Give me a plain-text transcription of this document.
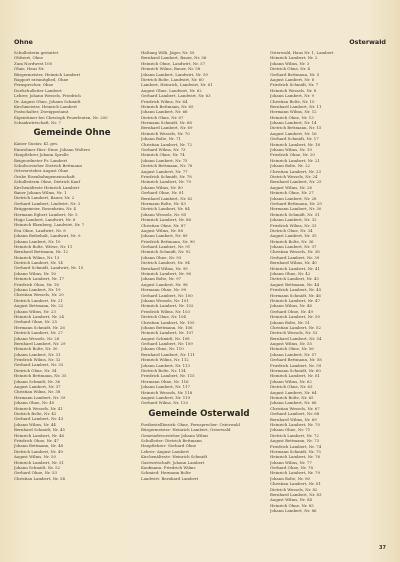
Ohne	Osterwald
Schulleiterin gestattet
Ohlwert, Ohne
Zum Nordwest 100
Ohne, Haus Nr.
Bürgermeister, Heinrich Lambert
Rapport ratsmitglied, Ohne
Fernsprecher, Ohne
Dorfschulleiter Lambert
Lehrer, Johann Wessels, Friedrich
Dr. August Ohne, Johann Schmidt
Kirchmeister, Heinrich Lambert
Postschalter, Zweigpostamt
Eigentümer bei Christoph Feuerleuten, Nr. 200
Schankwirtschaft, Nr. 7
Gemeinde Ohne
Kaiser Gustav, Kl. ges.
Einwohner Hier: Einw. Johann Wolters
Hauptlehrer Johann Sprolle
Beigeordneter Fr. Lambert
Schulvorsteher Dietrich Bettmann
Ortsvorsteher August Ohne
Grube Eisenbahngemeinschaft
Schulleiterin Ohne, Dietrich Kauf
Kirchenälteste Heinrich Lambert
Bauer Johann Wilms, Nr. 1
Dietrich Lambert, Bauer, Nr. 2
Gerhard Lambert, Lindwirt, Nr. 3
Brüggemeier, Rosenheim, Nr. 4
Hermann Egbert Lambert, Nr. 5
Hugo Lambert, Landwirt, Nr. 6
Heinrich Ekenberg, Landwirt, Nr. 7
Eva Ohne, Landwirt, Nr. 8
Johann Beibehalt, Landwirt, Nr. 9
Johann Lambert, Nr. 10
Heinrich Bolte, Witwe, Nr. 11
Bernhard Bettmann, Nr. 12
Heinrich Wilms, Nr. 13
Dietrich Lambert, Nr. 14
Gerhard Schmidt, Landwirt, Nr. 15
Johann Wilms, Nr. 16
Heinrich Lambert, Nr. 17
Friedrich Ohne, Nr. 18
Johann Lambert, Nr. 19
Christian Wessels, Nr. 20
Dietrich Lambert, Nr. 21
August Bettmann, Nr. 22
Johann Wilms, Nr. 23
Heinrich Lambert, Nr. 24
Gerhard Ohne, Nr. 25
Hermann Schmidt, Nr. 26
Dietrich Lambert, Nr. 27
Johann Wessels, Nr. 28
Bernhard Lambert, Nr. 29
Heinrich Bolte, Nr. 30
Johann Lambert, Nr. 31
Friedrich Wilms, Nr. 32
Gerhard Lambert, Nr. 33
Dietrich Ohne, Nr. 34
Heinrich Bettmann, Nr. 35
Johann Schmidt, Nr. 36
August Lambert, Nr. 37
Christian Wilms, Nr. 38
Hermann Lambert, Nr. 39
Johann Ohne, Nr. 40
Heinrich Wessels, Nr. 41
Dietrich Bolte, Nr. 42
Gerhard Lambert, Nr. 43
Johann Wilms, Nr. 44
Bernhard Schmidt, Nr. 45
Heinrich Lambert, Nr. 46
Friedrich Ohne, Nr. 47
Johann Bettmann, Nr. 48
Dietrich Lambert, Nr. 49
August Wilms, Nr. 50
Heinrich Lambert, Nr. 51
Johann Schmidt, Nr. 52
Gerhard Ohne, Nr. 53
Christian Lambert, Nr. 54
Haltung Wilh. Jäger, Nr. 55
Bernhard Lambert, Bauer, Nr. 56
Heinrich Ohne, Landwirt, Nr. 57
Heinrich Wilms, Bauer, Nr. 58
Johann Lambert, Landwirt, Nr. 59
Dietrich Bolte, Landwirt, Nr. 60
Lambert, Heinrich, Landwirt, Nr. 61
August Ohne, Landwirt, Nr. 62
Gerhard Lambert, Landwirt, Nr. 63
Friedrich Wilms, Nr. 64
Heinrich Bettmann, Nr. 65
Johann Lambert, Nr. 66
Dietrich Ohne, Nr. 67
Hermann Schmidt, Nr. 68
Bernhard Lambert, Nr. 69
Heinrich Wessels, Nr. 70
Johann Bolte, Nr. 71
Christian Lambert, Nr. 72
Gerhard Wilms, Nr. 73
Heinrich Ohne, Nr. 74
Johann Lambert, Nr. 75
Dietrich Bettmann, Nr. 76
August Lambert, Nr. 77
Friedrich Schmidt, Nr. 78
Heinrich Lambert, Nr. 79
Johann Wilms, Nr. 80
Gerhard Ohne, Nr. 81
Bernhard Lambert, Nr. 82
Hermann Bolte, Nr. 83
Dietrich Lambert, Nr. 84
Johann Wessels, Nr. 85
Heinrich Lambert, Nr. 86
Christian Ohne, Nr. 87
August Wilms, Nr. 88
Johann Lambert, Nr. 89
Friedrich Bettmann, Nr. 90
Gerhard Lambert, Nr. 91
Heinrich Schmidt, Nr. 92
Johann Ohne, Nr. 93
Dietrich Lambert, Nr. 94
Bernhard Wilms, Nr. 95
Heinrich Lambert, Nr. 96
Johann Bolte, Nr. 97
August Lambert, Nr. 98
Hermann Ohne, Nr. 99
Gerhard Lambert, Nr. 100
Johann Wessels, Nr. 101
Heinrich Lambert, Nr. 102
Friedrich Wilms, Nr. 103
Dietrich Ohne, Nr. 104
Christian Lambert, Nr. 105
Johann Bettmann, Nr. 106
Heinrich Lambert, Nr. 107
August Schmidt, Nr. 108
Gerhard Lambert, Nr. 109
Johann Ohne, Nr. 110
Bernhard Lambert, Nr. 111
Heinrich Wilms, Nr. 112
Johann Lambert, Nr. 113
Dietrich Bolte, Nr. 114
Friedrich Lambert, Nr. 115
Hermann Ohne, Nr. 116
Johann Lambert, Nr. 117
Heinrich Wessels, Nr. 118
August Lambert, Nr. 119
Gerhard Wilms, Nr. 120
Gemeinde Osterwald
Postbestellbezirk: Ohne, Fernsprecher: Osterwald
Bürgermeister: Heinrich Lambert, Osterwald
Gemeindevorsteher Johann Wilms
Schulleiter: Dietrich Bettmann
Hauptlehrer: Gerhard Ohne
Lehrer: August Lambert
Kirchenälteste: Heinrich Schmidt
Gastwirtschaft: Johann Lambert
Kaufmann: Friedrich Wilms
Schmied: Hermann Bolte
Landwirt: Bernhard Lambert
Osterwald, Haus Nr. 1, Lambert
Heinrich Lambert, Nr. 2
Johann Wilms, Nr. 3
Dietrich Ohne, Nr. 4
Gerhard Bettmann, Nr. 5
August Lambert, Nr. 6
Friedrich Schmidt, Nr. 7
Heinrich Wessels, Nr. 8
Johann Lambert, Nr. 9
Christian Bolte, Nr. 10
Bernhard Lambert, Nr. 11
Hermann Wilms, Nr. 12
Heinrich Ohne, Nr. 13
Johann Lambert, Nr. 14
Dietrich Bettmann, Nr. 15
August Lambert, Nr. 16
Gerhard Schmidt, Nr. 17
Heinrich Lambert, Nr. 18
Johann Wilms, Nr. 19
Friedrich Ohne, Nr. 20
Heinrich Lambert, Nr. 21
Johann Bolte, Nr. 22
Christian Lambert, Nr. 23
Dietrich Wessels, Nr. 24
Bernhard Lambert, Nr. 25
August Wilms, Nr. 26
Heinrich Ohne, Nr. 27
Johann Lambert, Nr. 28
Gerhard Bettmann, Nr. 29
Hermann Lambert, Nr. 30
Heinrich Schmidt, Nr. 31
Johann Lambert, Nr. 32
Friedrich Wilms, Nr. 33
Dietrich Ohne, Nr. 34
August Lambert, Nr. 35
Heinrich Bolte, Nr. 36
Johann Lambert, Nr. 37
Christian Wessels, Nr. 38
Gerhard Lambert, Nr. 39
Bernhard Wilms, Nr. 40
Heinrich Lambert, Nr. 41
Johann Ohne, Nr. 42
Dietrich Lambert, Nr. 43
August Bettmann, Nr. 44
Friedrich Lambert, Nr. 45
Hermann Schmidt, Nr. 46
Heinrich Lambert, Nr. 47
Johann Wilms, Nr. 48
Gerhard Ohne, Nr. 49
Heinrich Lambert, Nr. 50
Johann Bolte, Nr. 51
Christian Lambert, Nr. 52
Dietrich Wessels, Nr. 53
Bernhard Lambert, Nr. 54
August Wilms, Nr. 55
Heinrich Ohne, Nr. 56
Johann Lambert, Nr. 57
Gerhard Bettmann, Nr. 58
Friedrich Lambert, Nr. 59
Hermann Schmidt, Nr. 60
Heinrich Lambert, Nr. 61
Johann Wilms, Nr. 62
Dietrich Ohne, Nr. 63
August Lambert, Nr. 64
Heinrich Bolte, Nr. 65
Johann Lambert, Nr. 66
Christian Wessels, Nr. 67
Gerhard Lambert, Nr. 68
Bernhard Wilms, Nr. 69
Heinrich Lambert, Nr. 70
Johann Ohne, Nr. 71
Dietrich Lambert, Nr. 72
August Bettmann, Nr. 73
Friedrich Lambert, Nr. 74
Hermann Schmidt, Nr. 75
Heinrich Lambert, Nr. 76
Johann Wilms, Nr. 77
Gerhard Ohne, Nr. 78
Heinrich Lambert, Nr. 79
Johann Bolte, Nr. 80
Christian Lambert, Nr. 81
Dietrich Wessels, Nr. 82
Bernhard Lambert, Nr. 83
August Wilms, Nr. 84
Heinrich Ohne, Nr. 85
Johann Lambert, Nr. 86
37
